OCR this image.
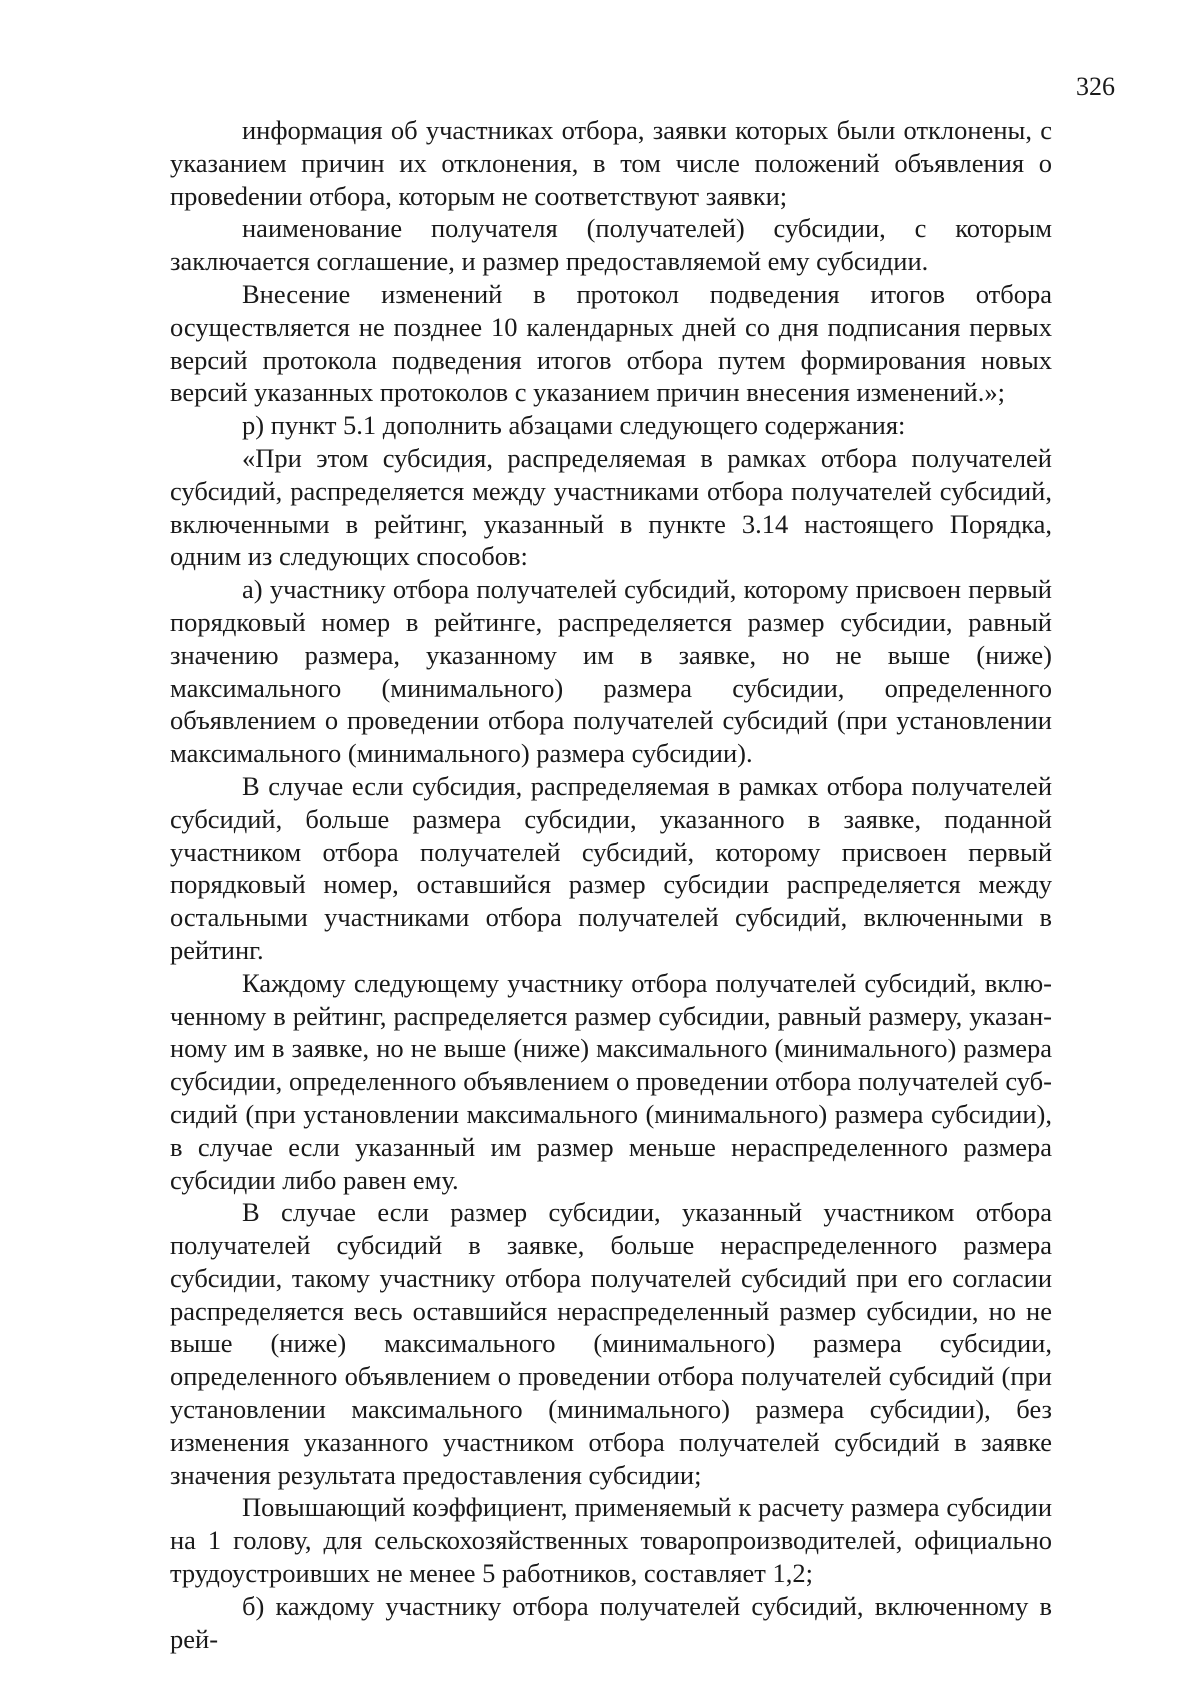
326

информация об участниках отбора, заявки которых были отклонены, с указанием причин их отклонения, в том числе положений объявления о провеdении отбора, которым не соответствуют заявки;

наименование получателя (получателей) субсидии, с которым заключается соглашение, и размер предоставляемой ему субсидии.

Внесение изменений в протокол подведения итогов отбора осуществляется не позднее 10 календарных дней со дня подписания первых версий протокола подведения итогов отбора путем формирования новых версий указанных протоколов с указанием причин внесения изменений.»;

р) пункт 5.1 дополнить абзацами следующего содержания:

«При этом субсидия, распределяемая в рамках отбора получателей субсидий, распределяется между участниками отбора получателей субсидий, включенными в рейтинг, указанный в пункте 3.14 настоящего Порядка, одним из следующих способов:

а) участнику отбора получателей субсидий, которому присвоен первый порядковый номер в рейтинге, распределяется размер субсидии, равный значению размера, указанному им в заявке, но не выше (ниже) максимального (минимального) размера субсидии, определенного объявлением о проведении отбора получателей субсидий (при установлении максимального (минимального) размера субсидии).

В случае если субсидия, распределяемая в рамках отбора получателей субсидий, больше размера субсидии, указанного в заявке, поданной участником отбора получателей субсидий, которому присвоен первый порядковый номер, оставшийся размер субсидии распределяется между остальными участниками отбора получателей субсидий, включенными в рейтинг.

Каждому следующему участнику отбора получателей субсидий, включенному в рейтинг, распределяется размер субсидии, равный размеру, указанному им в заявке, но не выше (ниже) максимального (минимального) размера субсидии, определенного объявлением о проведении отбора получателей субсидий (при установлении максимального (минимального) размера субсидии), в случае если указанный им размер меньше нераспределенного размера субсидии либо равен ему.

В случае если размер субсидии, указанный участником отбора получателей субсидий в заявке, больше нераспределенного размера субсидии, такому участнику отбора получателей субсидий при его согласии распределяется весь оставшийся нераспределенный размер субсидии, но не выше (ниже) максимального (минимального) размера субсидии, определенного объявлением о проведении отбора получателей субсидий (при установлении максимального (минимального) размера субсидии), без изменения указанного участником отбора получателей субсидий в заявке значения результата предоставления субсидии;

Повышающий коэффициент, применяемый к расчету размера субсидии на 1 голову, для сельскохозяйственных товаропроизводителей, официально трудоустроивших не менее 5 работников, составляет 1,2;

б) каждому участнику отбора получателей субсидий, включенному в рей-
